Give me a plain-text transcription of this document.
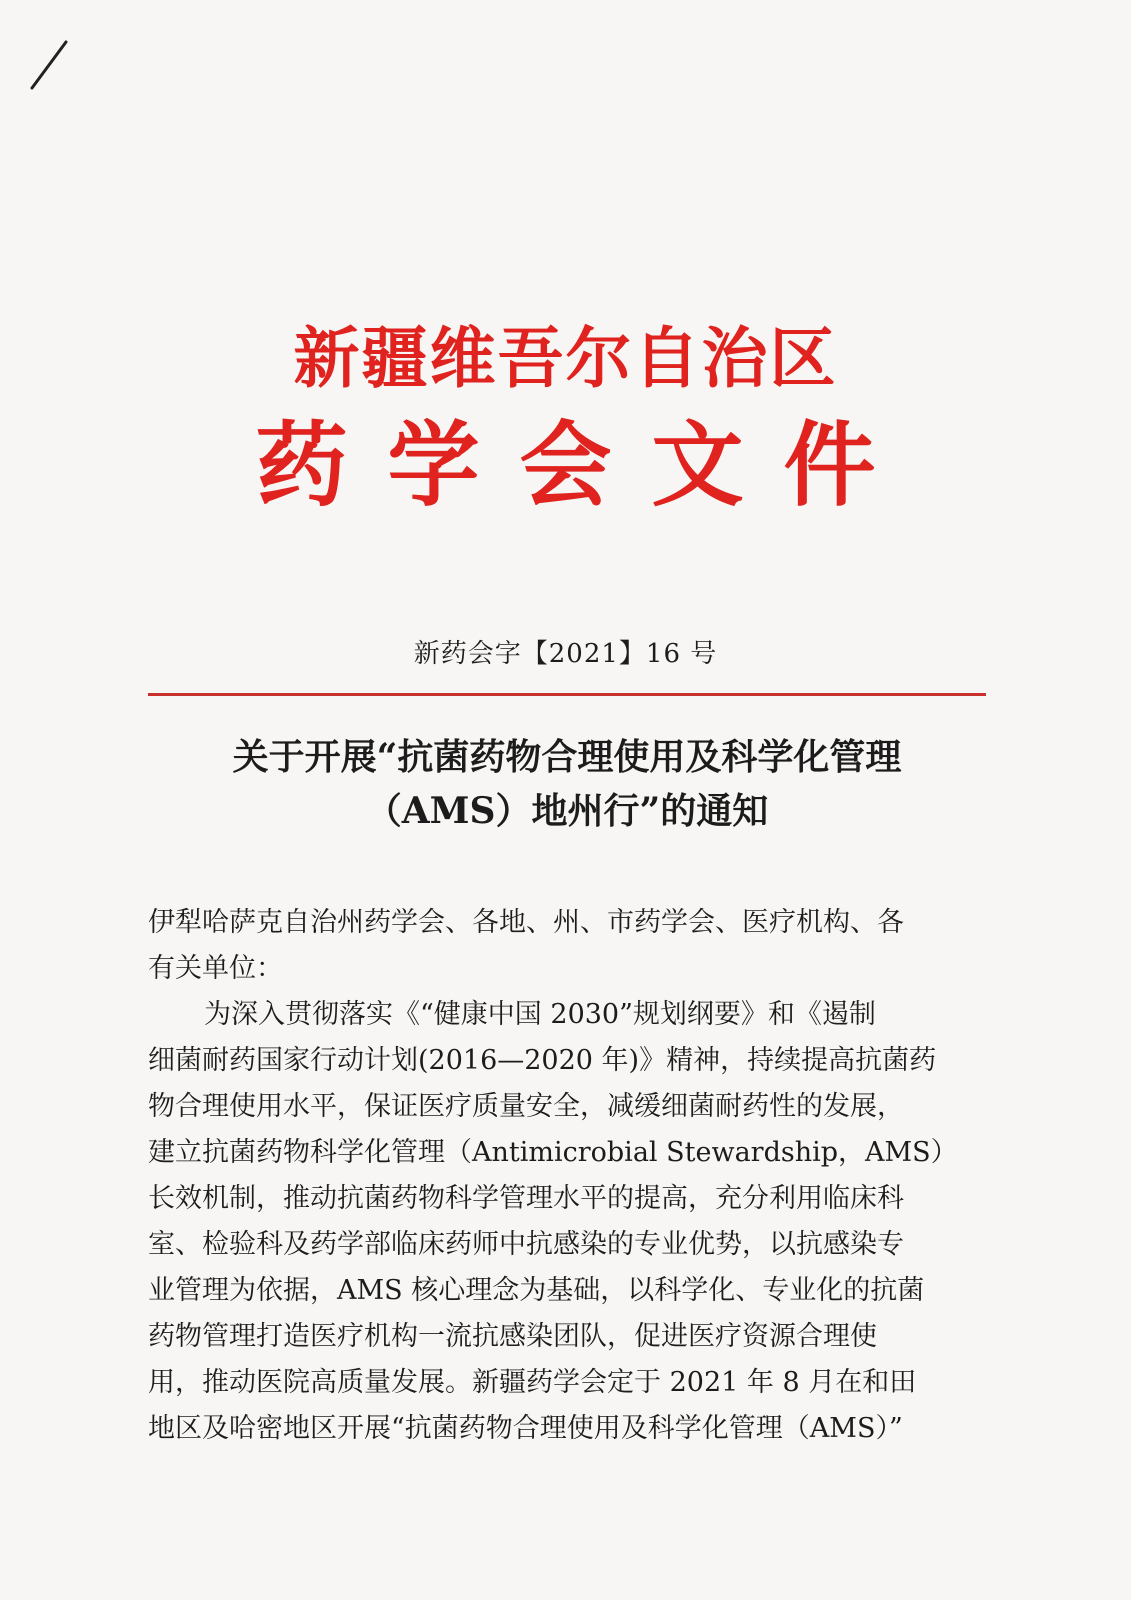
新疆维吾尔自治区
药学会文件
新药会字【2021】16 号
关于开展“抗菌药物合理使用及科学化管理
（AMS）地州行”的通知
伊犁哈萨克自治州药学会、各地、州、市药学会、医疗机构、各
有关单位：
为深入贯彻落实《“健康中国 2030”规划纲要》和《遏制
细菌耐药国家行动计划(2016—2020 年)》精神，持续提高抗菌药
物合理使用水平，保证医疗质量安全，减缓细菌耐药性的发展，
建立抗菌药物科学化管理（Antimicrobial Stewardship，AMS）
长效机制，推动抗菌药物科学管理水平的提高，充分利用临床科
室、检验科及药学部临床药师中抗感染的专业优势，以抗感染专
业管理为依据，AMS 核心理念为基础，以科学化、专业化的抗菌
药物管理打造医疗机构一流抗感染团队，促进医疗资源合理使
用，推动医院高质量发展。新疆药学会定于 2021 年 8 月在和田
地区及哈密地区开展“抗菌药物合理使用及科学化管理（AMS）”
